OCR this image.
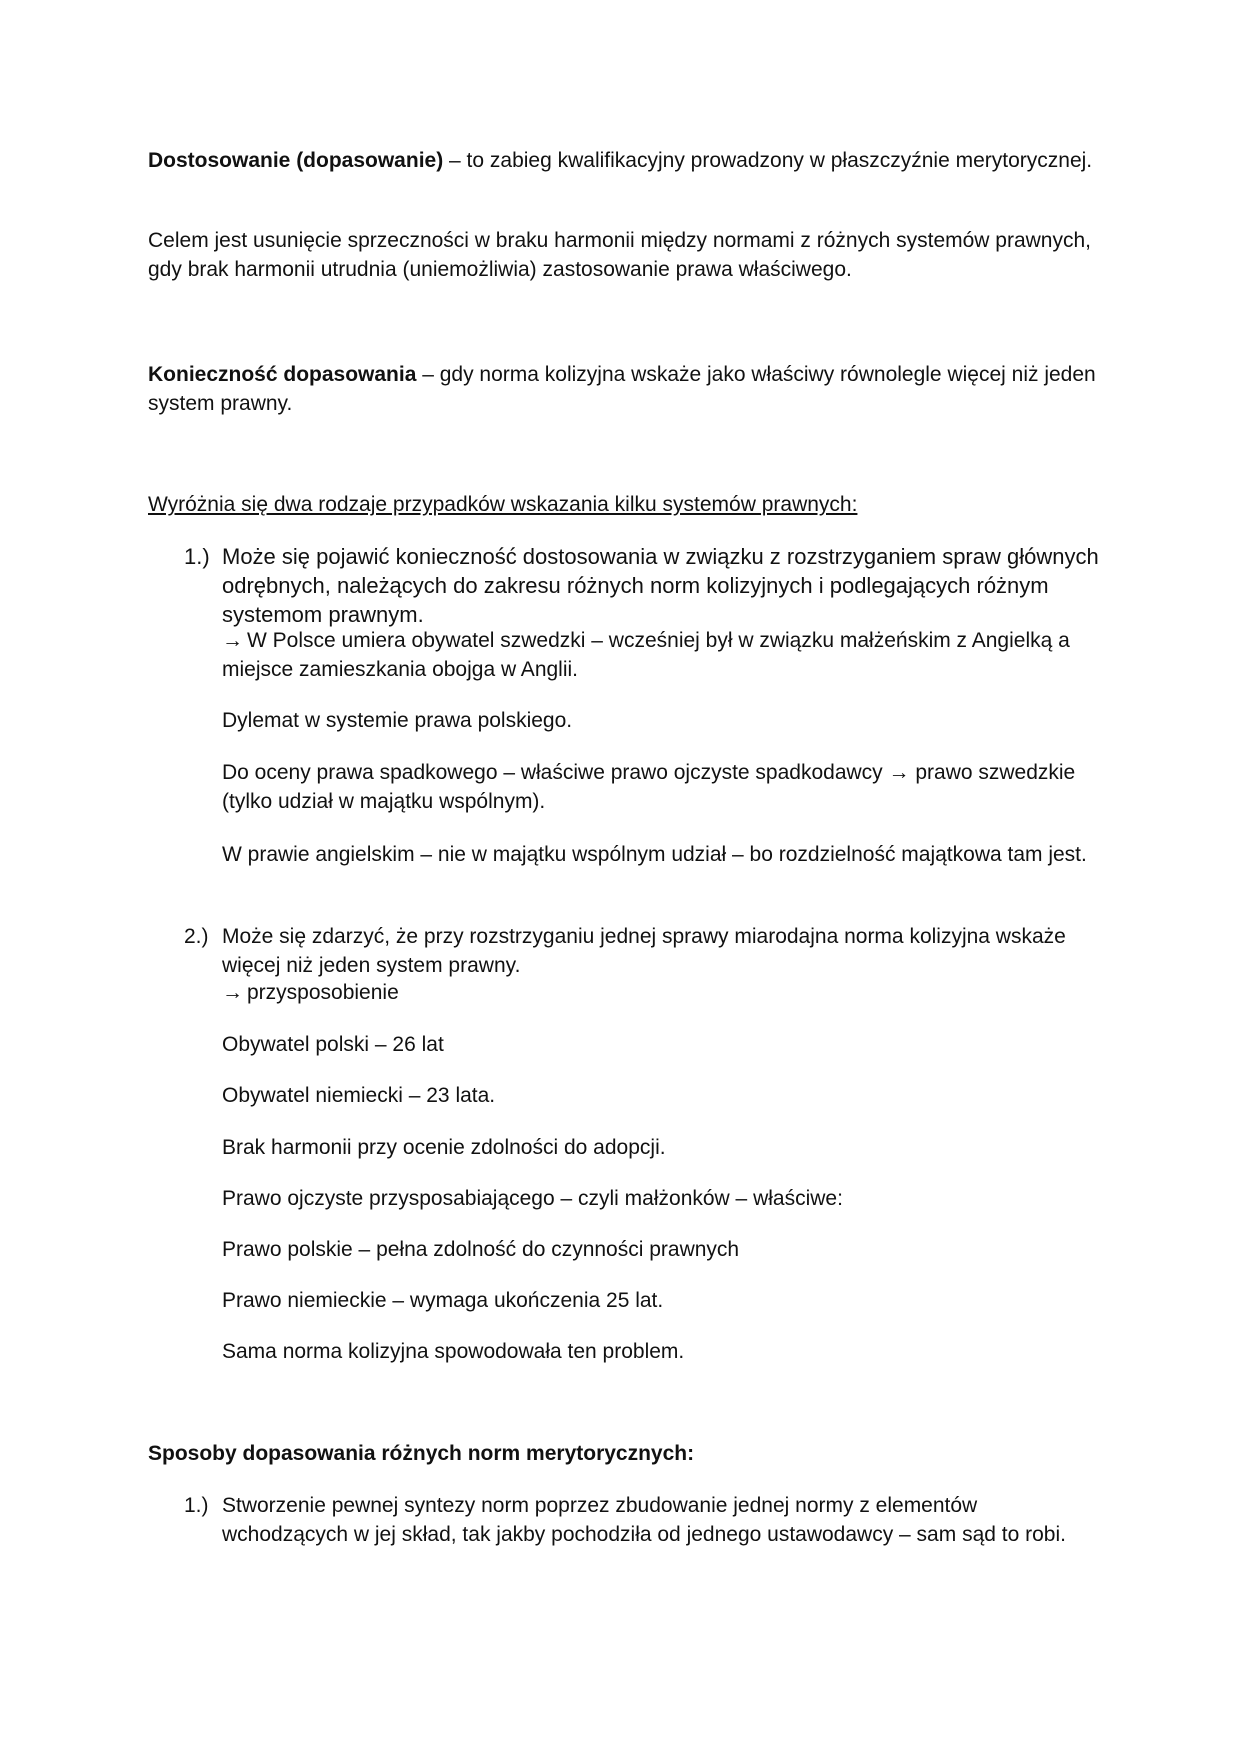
Dostosowanie (dopasowanie) – to zabieg kwalifikacyjny prowadzony w płaszczyźnie merytorycznej.

Celem jest usunięcie sprzeczności w braku harmonii między normami z różnych systemów prawnych, gdy brak harmonii utrudnia (uniemożliwia) zastosowanie prawa właściwego.

Konieczność dopasowania – gdy norma kolizyjna wskaże jako właściwy równolegle więcej niż jeden system prawny.

Wyróżnia się dwa rodzaje przypadków wskazania kilku systemów prawnych:

1.) Może się pojawić konieczność dostosowania w związku z rozstrzyganiem spraw głównych odrębnych, należących do zakresu różnych norm kolizyjnych i podlegających różnym systemom prawnym.
→ W Polsce umiera obywatel szwedzki – wcześniej był w związku małżeńskim z Angielką a miejsce zamieszkania obojga w Anglii.

Dylemat w systemie prawa polskiego.

Do oceny prawa spadkowego – właściwe prawo ojczyste spadkodawcy → prawo szwedzkie (tylko udział w majątku wspólnym).

W prawie angielskim – nie w majątku wspólnym udział – bo rozdzielność majątkowa tam jest.

2.) Może się zdarzyć, że przy rozstrzyganiu jednej sprawy miarodajna norma kolizyjna wskaże więcej niż jeden system prawny.
→ przysposobienie

Obywatel polski – 26 lat

Obywatel niemiecki – 23 lata.

Brak harmonii przy ocenie zdolności do adopcji.

Prawo ojczyste przysposabiającego – czyli małżonków – właściwe:

Prawo polskie – pełna zdolność do czynności prawnych

Prawo niemieckie – wymaga ukończenia 25 lat.

Sama norma kolizyjna spowodowała ten problem.

Sposoby dopasowania różnych norm merytorycznych:

1.) Stworzenie pewnej syntezy norm poprzez zbudowanie jednej normy z elementów wchodzących w jej skład, tak jakby pochodziła od jednego ustawodawcy – sam sąd to robi.
